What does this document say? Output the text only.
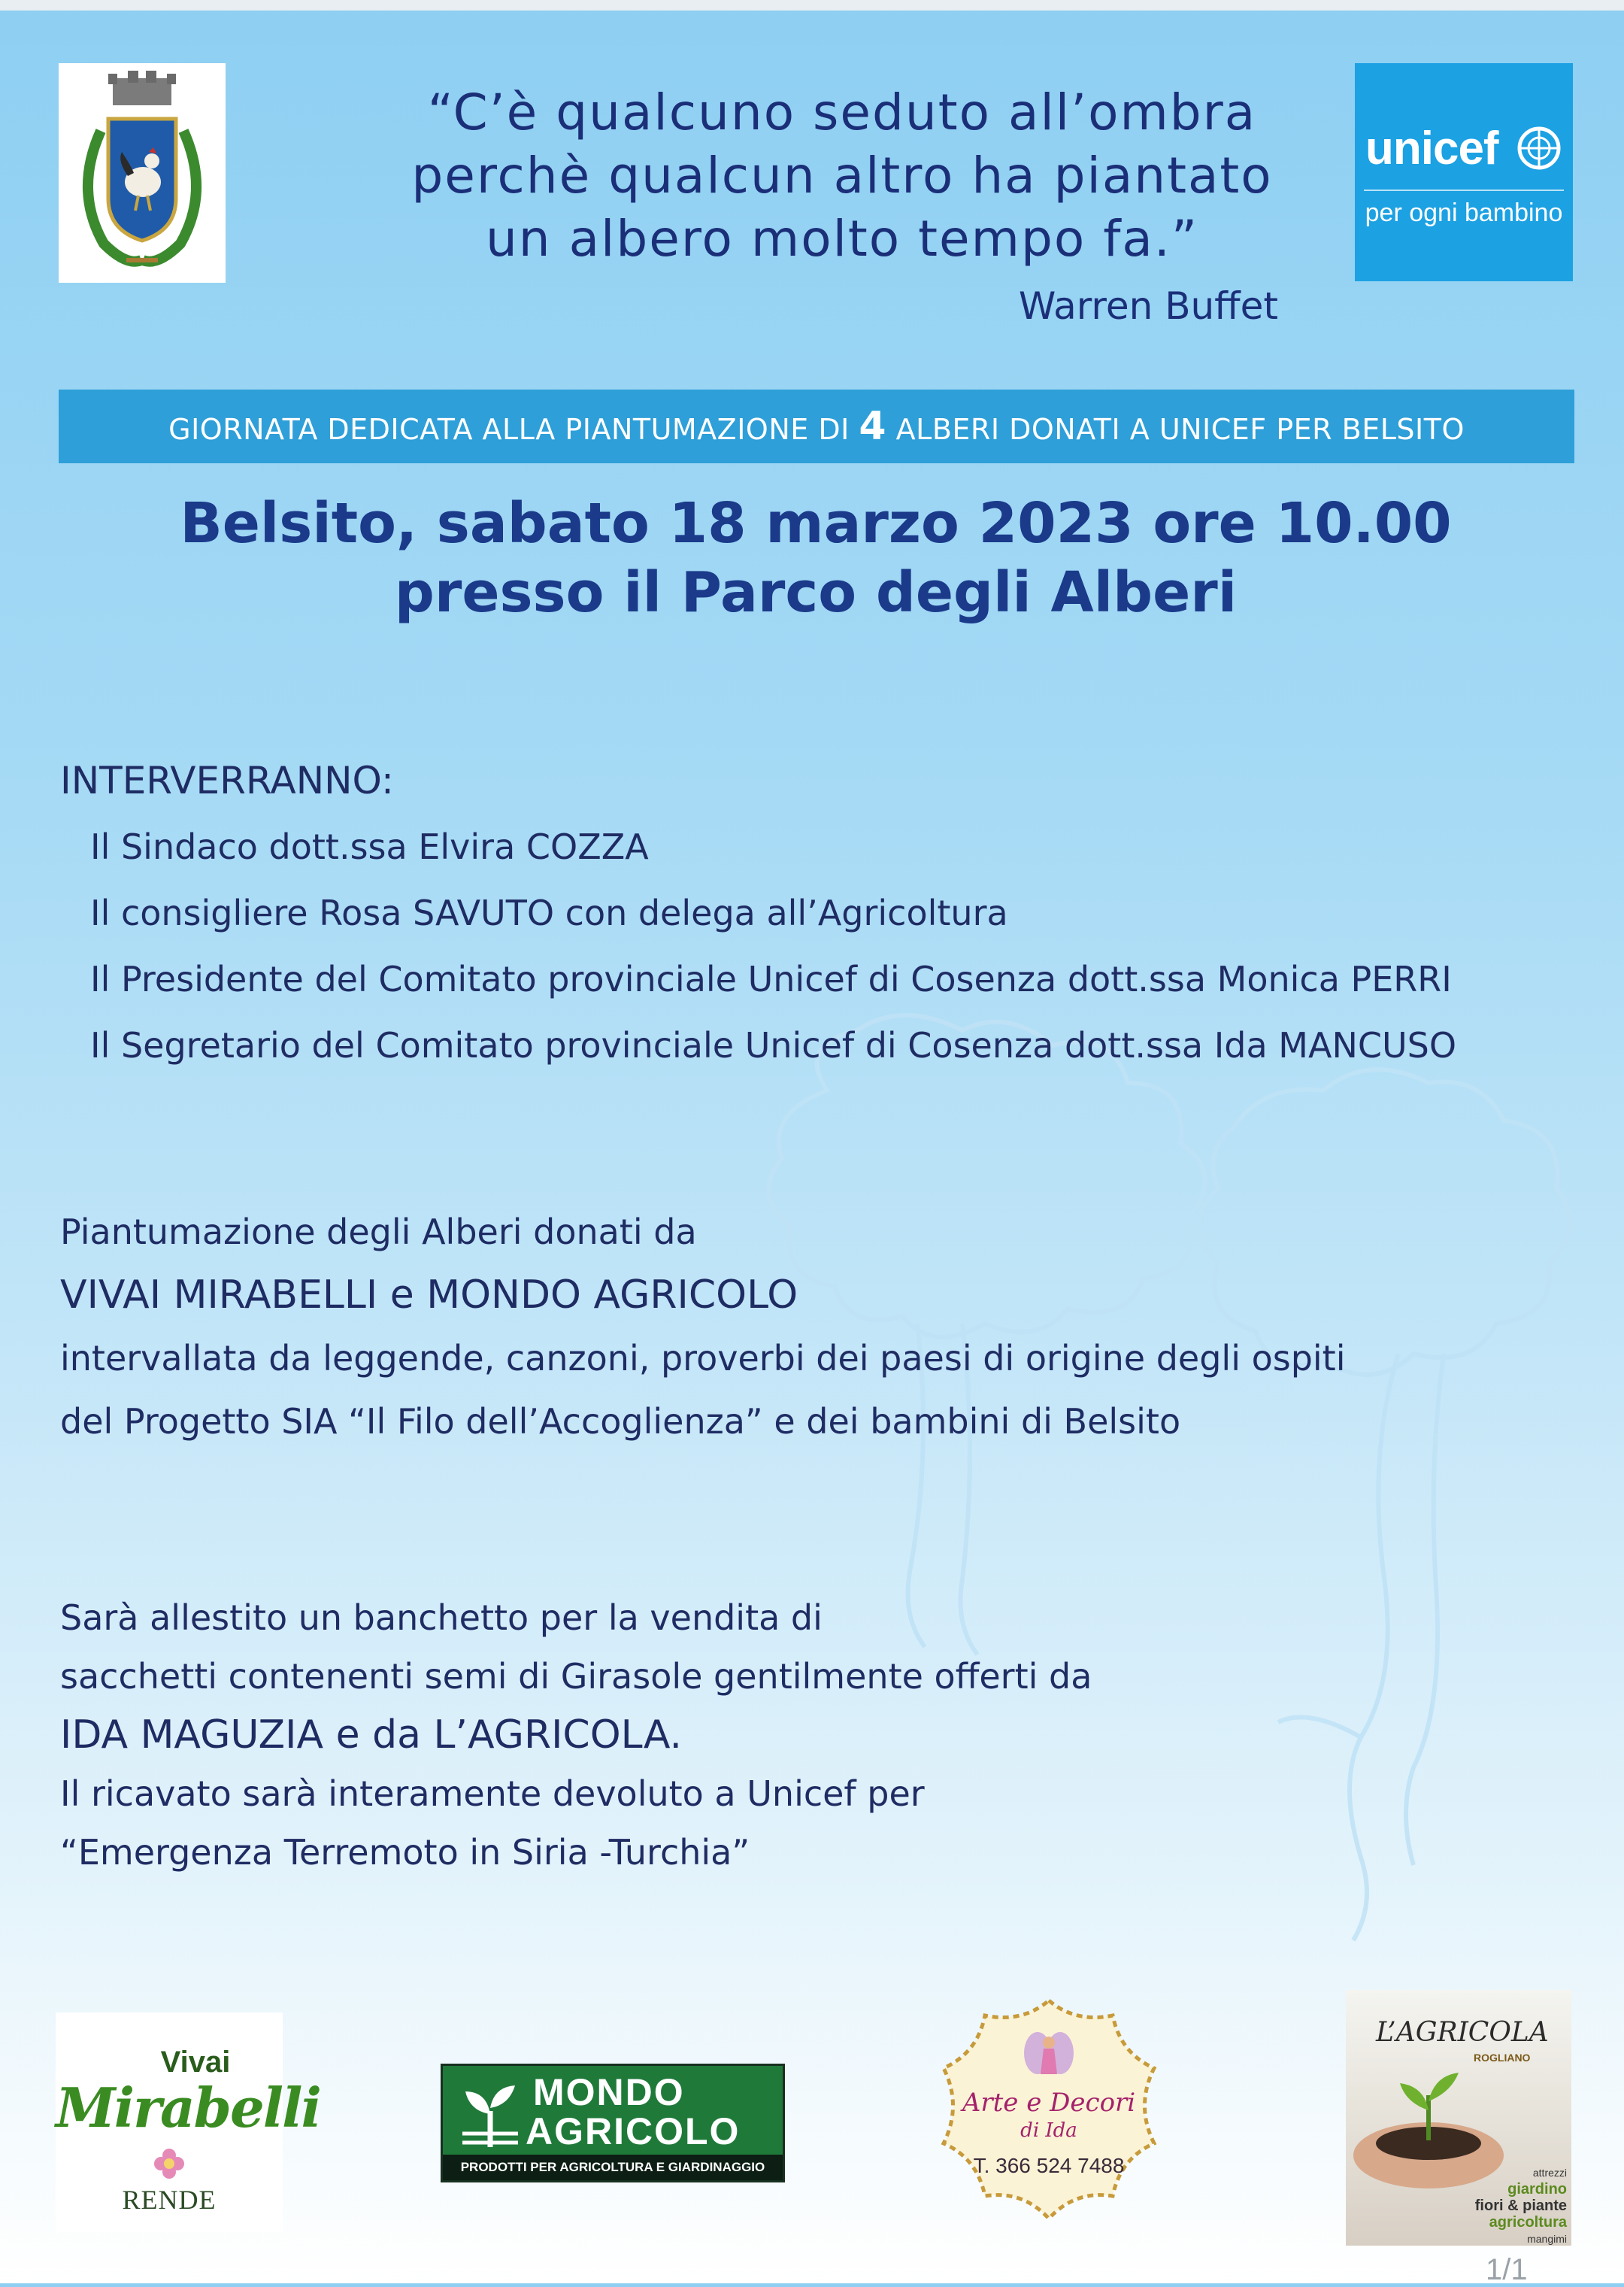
“C’è qualcuno seduto all’ombra
perchè qualcun altro ha piantato
un albero molto tempo fa.”
Warren Buffet
unicef
per ogni bambino
GIORNATA DEDICATA ALLA PIANTUMAZIONE DI 4 ALBERI DONATI A UNICEF PER BELSITO
Belsito, sabato 18 marzo 2023 ore 10.00
presso il Parco degli Alberi
INTERVERRANNO:
Il Sindaco dott.ssa Elvira COZZA
Il consigliere Rosa SAVUTO con delega all’Agricoltura
Il Presidente del Comitato provinciale Unicef di Cosenza dott.ssa Monica PERRI
Il Segretario del Comitato provinciale Unicef di Cosenza dott.ssa Ida MANCUSO
Piantumazione degli Alberi donati da
VIVAI MIRABELLI e MONDO AGRICOLO
intervallata da leggende, canzoni, proverbi dei paesi di origine degli ospiti
del Progetto SIA “Il Filo dell’Accoglienza” e dei bambini di Belsito
Sarà allestito un banchetto per la vendita di
sacchetti contenenti semi di Girasole gentilmente offerti da
IDA MAGUZIA e da L’AGRICOLA.
Il ricavato sarà interamente devoluto a Unicef per
“Emergenza Terremoto in Siria -Turchia”
Vivai
Mirabelli
RENDE
MONDO
AGRICOLO
PRODOTTI PER AGRICOLTURA E GIARDINAGGIO
Arte e Decori
di Ida
T. 366 524 7488
L’AGRICOLA
ROGLIANO
attrezzi
giardino
fiori & piante
agricoltura
mangimi
1/1
